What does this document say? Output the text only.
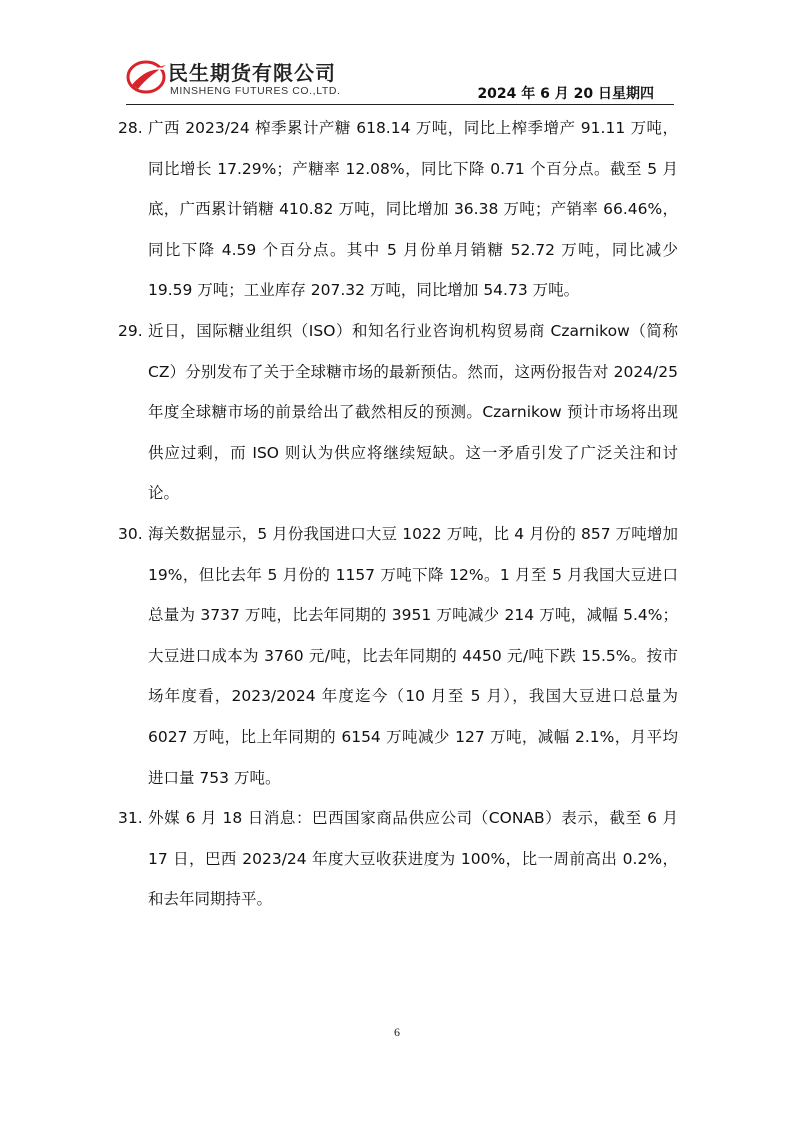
民生期货有限公司
MINSHENG FUTURES CO.,LTD.	2024 年 6 月 20 日星期四
28. 广西 2023/24 榨季累计产糖 618.14 万吨，同比上榨季增产 91.11 万吨，同比增长 17.29%；产糖率 12.08%，同比下降 0.71 个百分点。截至 5 月底，广西累计销糖 410.82 万吨，同比增加 36.38 万吨；产销率 66.46%，同比下降 4.59 个百分点。其中 5 月份单月销糖 52.72 万吨，同比减少 19.59 万吨；工业库存 207.32 万吨，同比增加 54.73 万吨。
29. 近日，国际糖业组织（ISO）和知名行业咨询机构贸易商 Czarnikow（简称 CZ）分别发布了关于全球糖市场的最新预估。然而，这两份报告对 2024/25 年度全球糖市场的前景给出了截然相反的预测。Czarnikow 预计市场将出现供应过剩，而 ISO 则认为供应将继续短缺。这一矛盾引发了广泛关注和讨论。
30. 海关数据显示，5 月份我国进口大豆 1022 万吨，比 4 月份的 857 万吨增加 19%，但比去年 5 月份的 1157 万吨下降 12%。1 月至 5 月我国大豆进口总量为 3737 万吨，比去年同期的 3951 万吨减少 214 万吨，减幅 5.4%；大豆进口成本为 3760 元/吨，比去年同期的 4450 元/吨下跌 15.5%。按市场年度看，2023/2024 年度迄今（10 月至 5 月），我国大豆进口总量为 6027 万吨，比上年同期的 6154 万吨减少 127 万吨，减幅 2.1%，月平均进口量 753 万吨。
31. 外媒 6 月 18 日消息：巴西国家商品供应公司（CONAB）表示，截至 6 月 17 日，巴西 2023/24 年度大豆收获进度为 100%，比一周前高出 0.2%，和去年同期持平。
6
